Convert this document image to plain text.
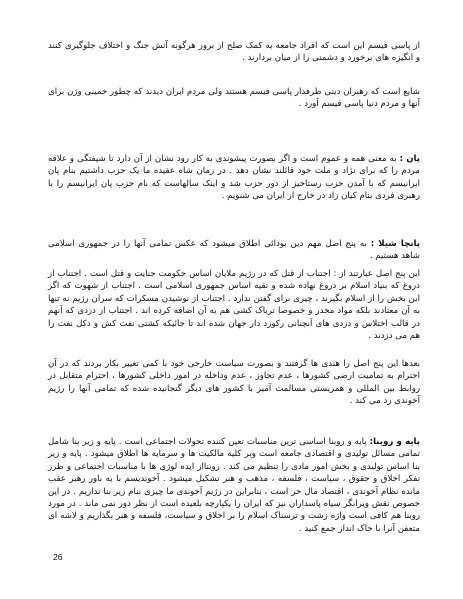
از پاسی فیسم این است که افراد جامعه به کمک صلح از بروز هرگونه آتش جنگ و اختلاف جلوگیری کنند و انگیزه های برخورد و دشمنی را از میان بردارند .

شایع است که رهبران دینی طرفدار پاسی فیسم هستند ولی مردم ایران دیدند که چطور خمینی وژن برای آنها و مردم دنیا پاسی فیسم آورد .

پان : به معنی همه و عموم است و اگر بصورت پیشوندی به کار رود نشان از آن دارد تا شیفتگی و علاقه مردم را که برای نژاد و ملت خود قائلند نشان دهد . در زمان شاه عقیده ما یک حزب داشتیم بنام پان ایرانیسم که با آمدن حزب رستاخیز از دور حزب شد و اینک سالهاست که نام حزب پان ایرانیسم را با رهبری فردی بنام کیان زاد در خارج از ایران می شنویم .

پانچا شیلا : به پنج اصل مهم دین بودائی اطلاق میشود که عکس تمامی آنها را در جمهوری اسلامی شاهد هستیم .

این پنج اصل عبارتند از : اجتناب از قتل که در رژیم ملایان اساس حکومت جنایت و قتل است . اجتناب از دروغ که بنیاد اسلام بر دروغ نهاده شده و تقیه اساس جمهوری اسلامی است . اجتناب از شهوت که اگر این بخش را از اسلام بگیرند ، چیزی برای گفتن ندارد . اجتناب از نوشیدن مسکرات که سران رژیم نه تنها به آن معتادند بلکه مواد مخدر و خصوصا تریاک کشی هم به آن اضافه کرده اند . اجتناب از دزدی که آنهم در قالب اختلاس و دزدی های آنچنانی رکورد دار جهان شده اند تا جائیکه کشتی نفت کش و دکل نفت را هم می دزدند .

بعدها این پنج اصل را هندی ها گرفتند و بصورت سیاست خارجی خود با کمی تغییر بکار بردند که در آن احترام به تمامیت ارضی کشورها ، عدم تجاوز ، عدم وداخله در امور داخلی کشورها ، احترام متقابل در روابط بین المللی و همزیستی مسالمت آمیز با کشور های دیگر گنجانیده شده که تمامی آنها را رژیم آخوندی رد می کند .

پایه و روبنا: پایه و روبنا اساسی ترین مناسبات تعین کننده تحولات اجتماعی است . پایه و زیر بنا شامل تمامی مسائل تولیدی و اقتصادی جامعه است وبر کلیه مالکیت ها و سرمایه ها اطلاق میشود . پایه و زیر بنا اساس تولیدی و بخش امور مادی را تنظیم می کند . روبنااز ایده لوژی ها با مناسبات اجتماعی و طرز تفکر اخلاق و حقوق ، سیاست ، فلسفه ، مذهب و هنر تشکیل میشود . آخوندیسم با به باور رهبر عقب مانده نظام آخوندی ، اقتصاد مال خر است ، بنابراین در رژیم آخوندی ما چیزی بنام زیر بنا نداریم . در این خصوص نقش ویرانگر سپاه پاسداران نیز که ایران را یکپارچه بلعیده است از نظر دور نمی ماند . در مورد روبنا هم کافی است واژه زشت و ترسناک اسلام را بر اخلاق و سیاست، فلسفه و هنر بگذاریم و لاشه ای متعفن آنرا با خاک انداز جمع کنید .

26
